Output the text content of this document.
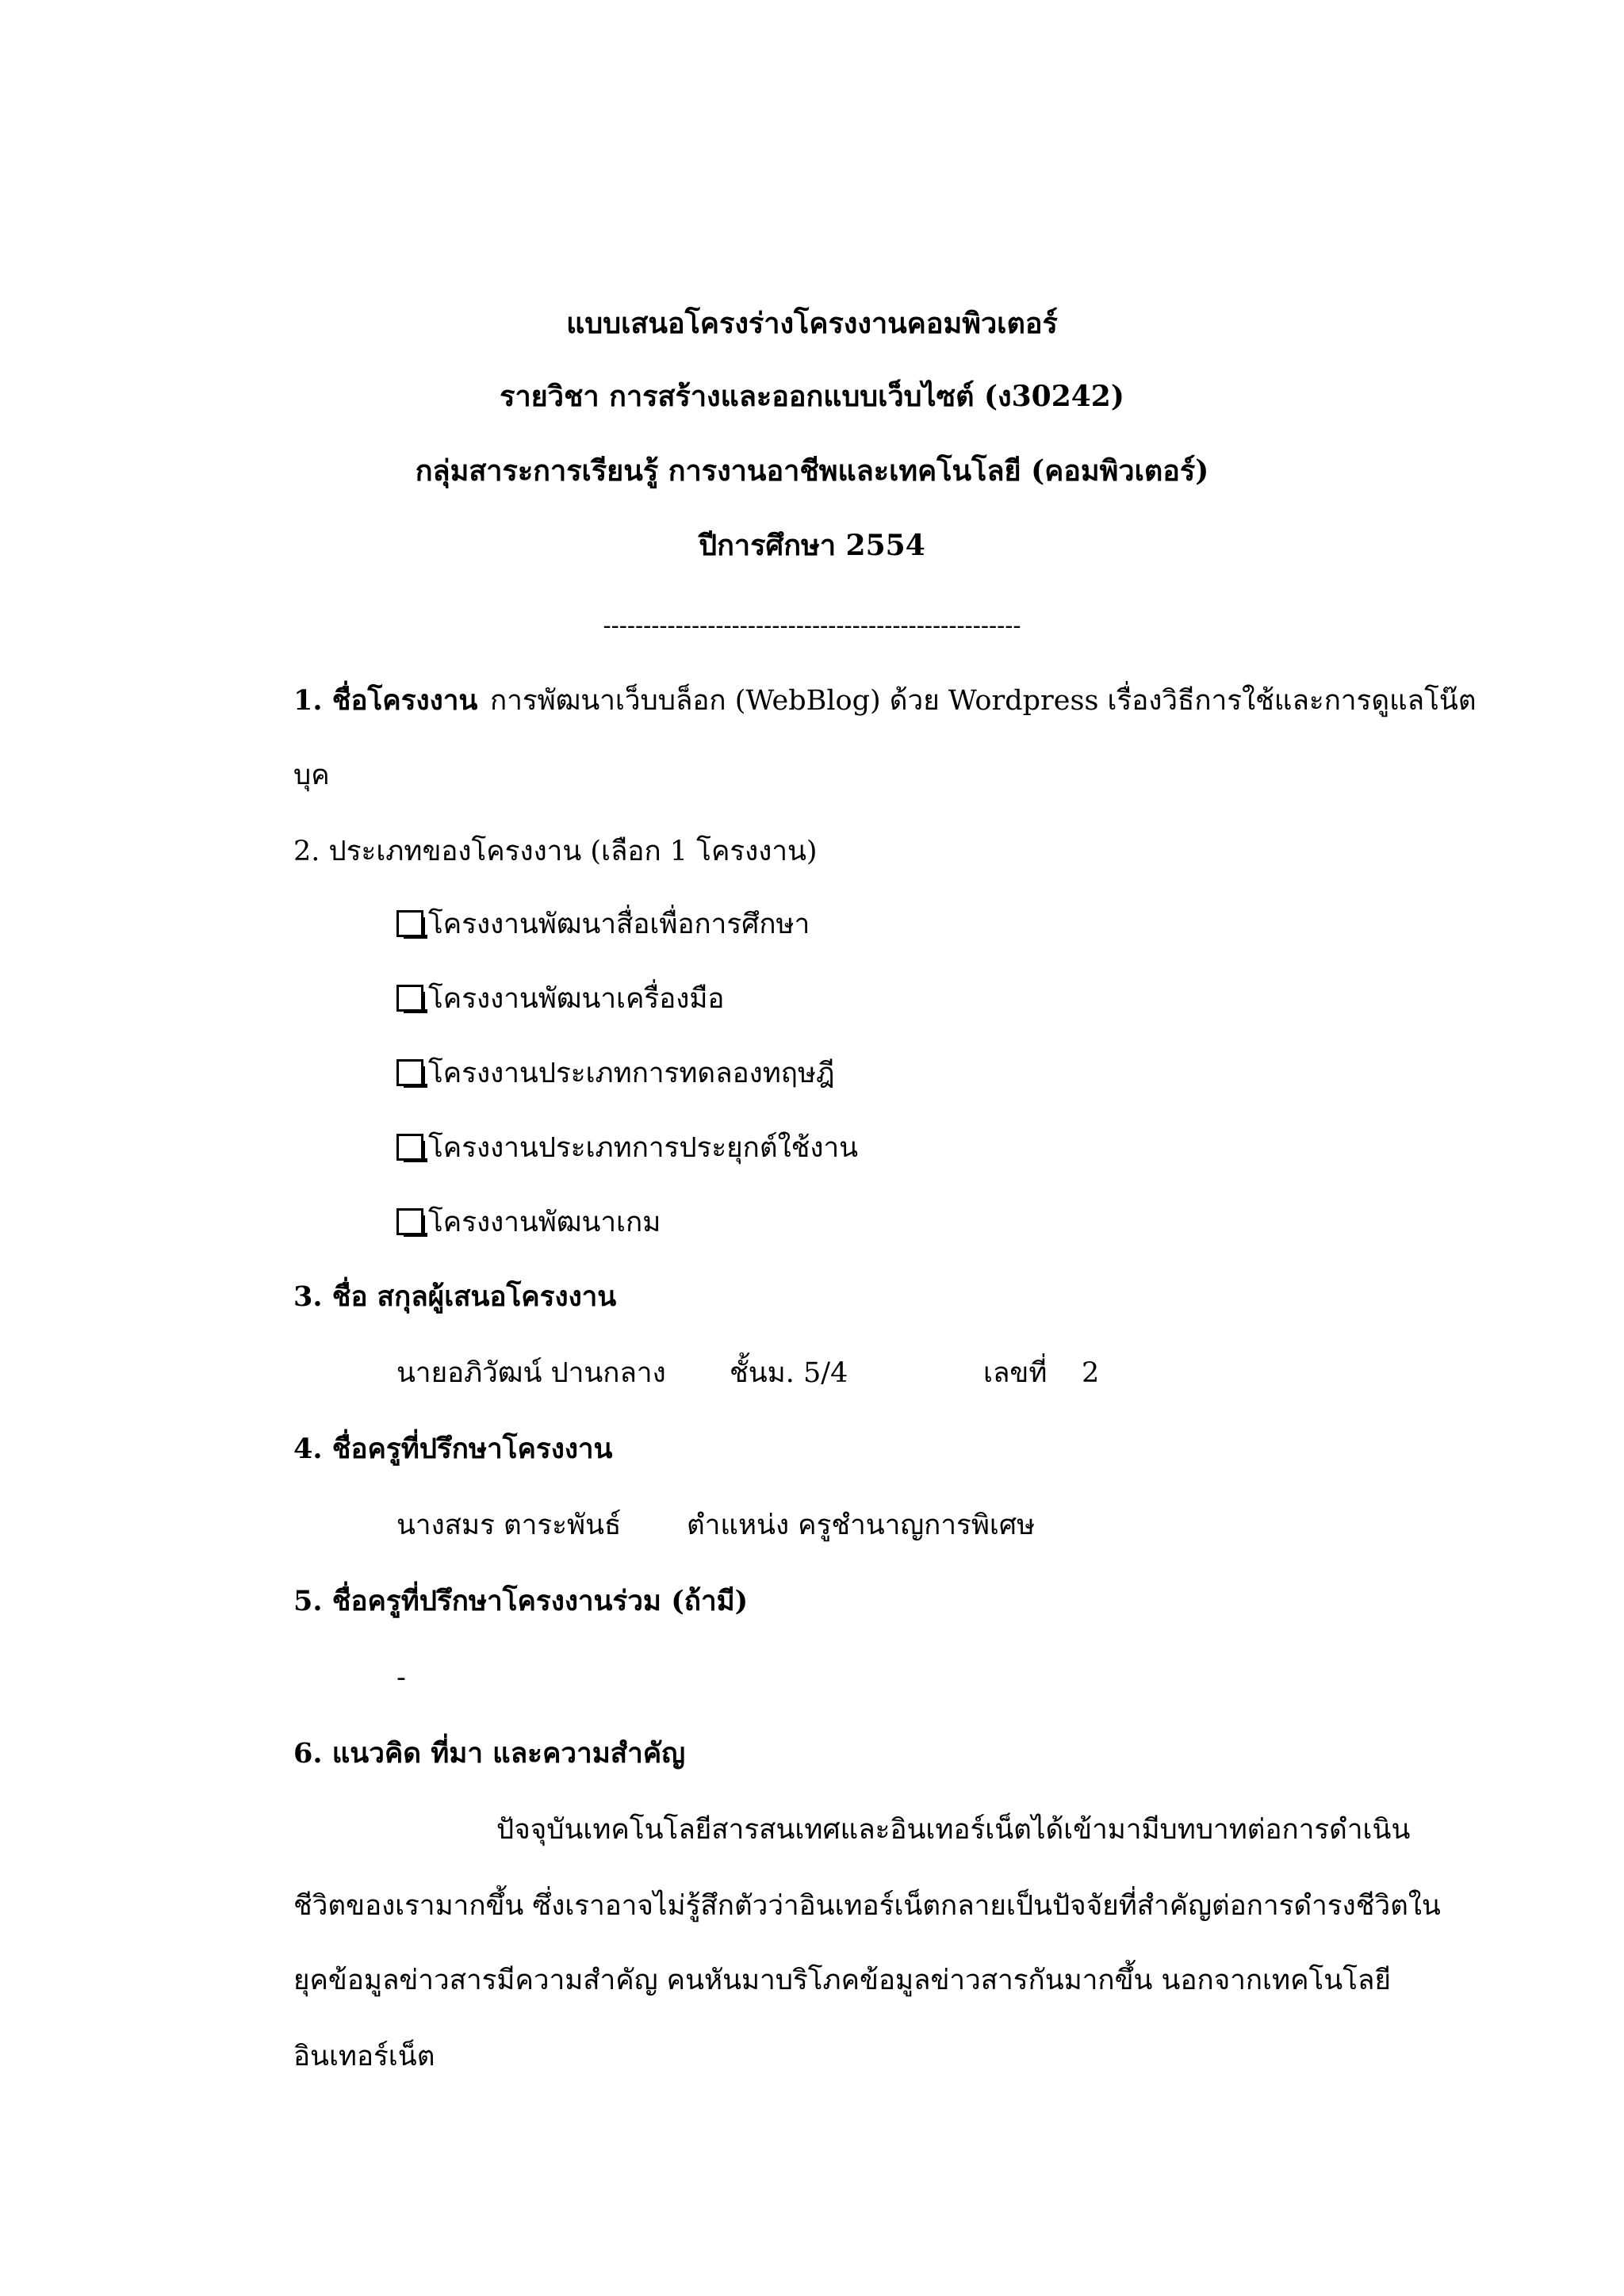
แบบเสนอโครงร่างโครงงานคอมพิวเตอร์
รายวิชา การสร้างและออกแบบเว็บไซต์ (ง30242)
กลุ่มสาระการเรียนรู้ การงานอาชีพและเทคโนโลยี (คอมพิวเตอร์)
ปีการศึกษา 2554
----------------------------------------------------
1. ชื่อโครงงาน การพัฒนาเว็บบล็อก (WebBlog) ด้วย Wordpress เรื่องวิธีการใช้และการดูแลโน๊ต
บุค
2. ประเภทของโครงงาน (เลือก 1 โครงงาน)
โครงงานพัฒนาสื่อเพื่อการศึกษา
โครงงานพัฒนาเครื่องมือ
โครงงานประเภทการทดลองทฤษฎี
โครงงานประเภทการประยุกต์ใช้งาน
โครงงานพัฒนาเกม
3. ชื่อ สกุลผู้เสนอโครงงาน
นายอภิวัฒน์ ปานกลาง ชั้นม. 5/4	เลขที่ 2
4. ชื่อครูที่ปรึกษาโครงงาน
นางสมร ตาระพันธ์ ตำแหน่ง ครูชำนาญการพิเศษ
5. ชื่อครูที่ปรึกษาโครงงานร่วม (ถ้ามี)
-
6. แนวคิด ที่มา และความสำคัญ
ปัจจุบันเทคโนโลยีสารสนเทศและอินเทอร์เน็ตได้เข้ามามีบทบาทต่อการดำเนิน
ชีวิตของเรามากขึ้น ซึ่งเราอาจไม่รู้สึกตัวว่าอินเทอร์เน็ตกลายเป็นปัจจัยที่สำคัญต่อการดำรงชีวิตใน
ยุคข้อมูลข่าวสารมีความสำคัญ คนหันมาบริโภคข้อมูลข่าวสารกันมากขึ้น นอกจากเทคโนโลยี
อินเทอร์เน็ต
